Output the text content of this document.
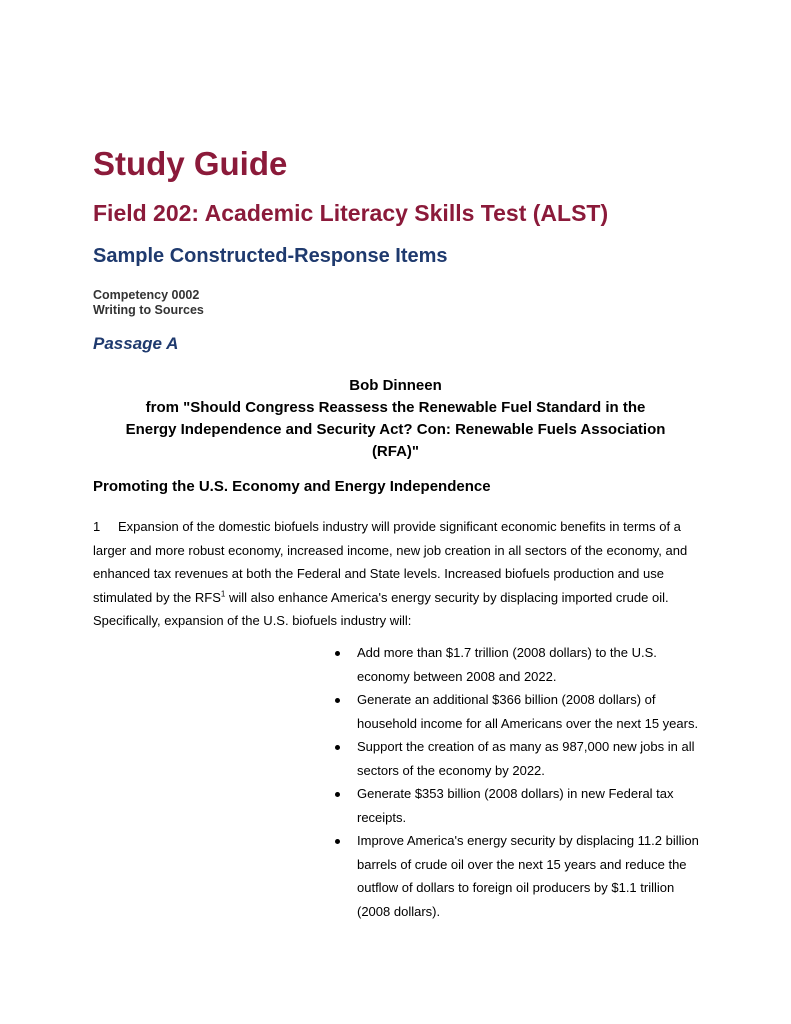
Study Guide
Field 202: Academic Literacy Skills Test (ALST)
Sample Constructed-Response Items
Competency 0002
Writing to Sources
Passage A
Bob Dinneen
from "Should Congress Reassess the Renewable Fuel Standard in the
Energy Independence and Security Act? Con: Renewable Fuels Association
(RFA)"
Promoting the U.S. Economy and Energy Independence

1 Expansion of the domestic biofuels industry will provide significant economic benefits in terms of a larger and more robust economy, increased income, new job creation in all sectors of the economy, and enhanced tax revenues at both the Federal and State levels. Increased biofuels production and use stimulated by the RFS$^1$ will also enhance America's energy security by displacing imported crude oil. Specifically, expansion of the U.S. biofuels industry will:

Add more than $1.7 trillion (2008 dollars) to the U.S. economy between 2008 and 2022.
Generate an additional $366 billion (2008 dollars) of household income for all Americans over the next 15 years.
Support the creation of as many as 987,000 new jobs in all sectors of the economy by 2022.
Generate $353 billion (2008 dollars) in new Federal tax receipts.
Improve America's energy security by displacing 11.2 billion barrels of crude oil over the next 15 years and reduce the outflow of dollars to foreign oil producers by $1.1 trillion (2008 dollars).
